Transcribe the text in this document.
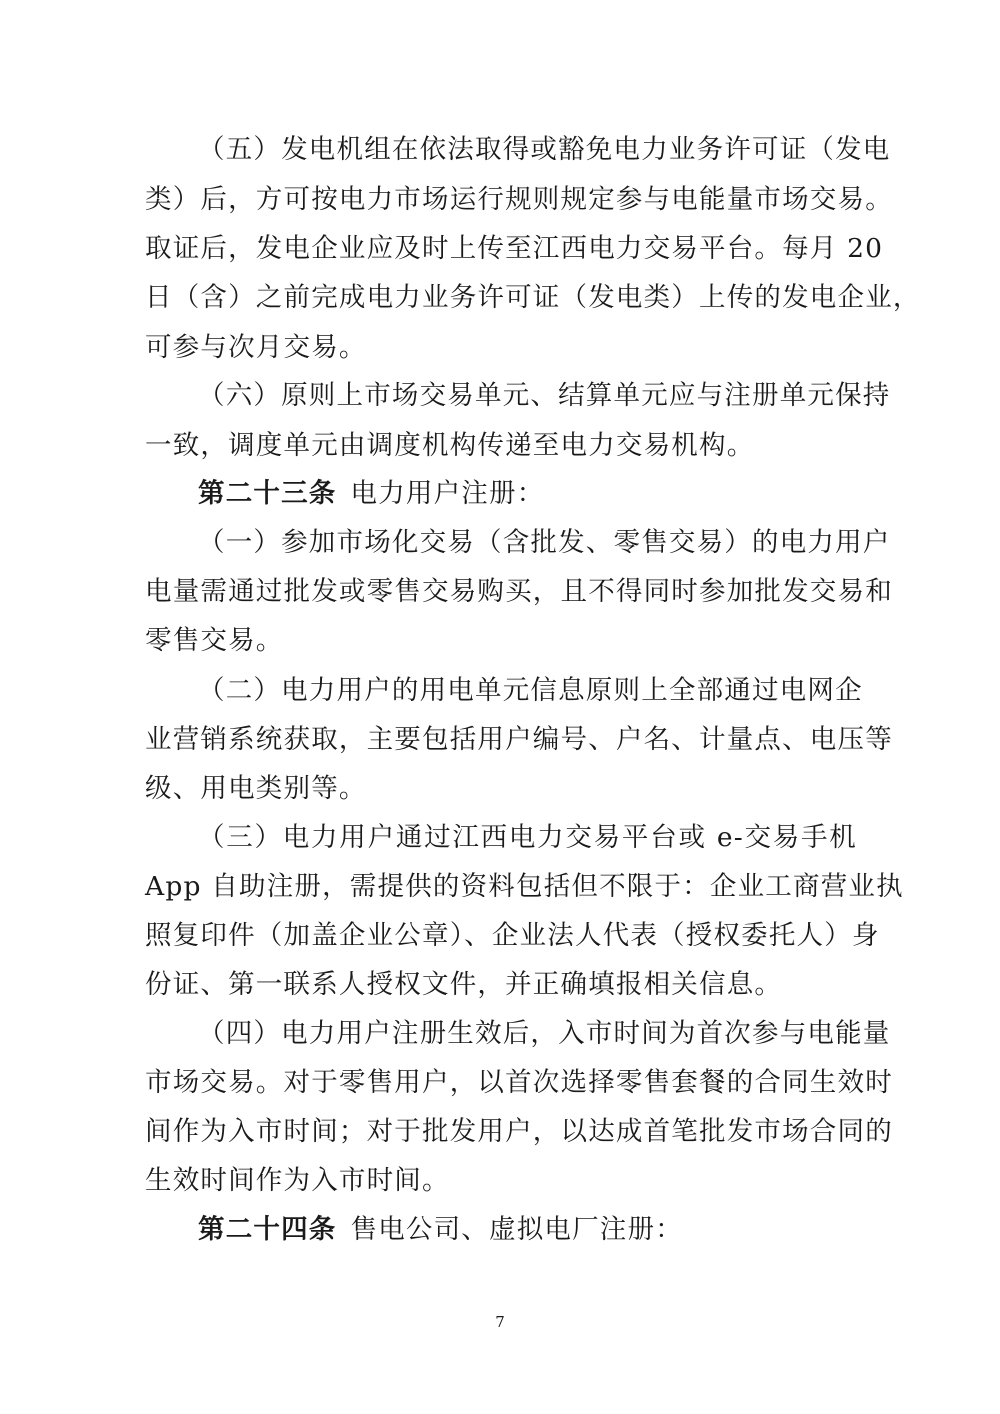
（五）发电机组在依法取得或豁免电力业务许可证（发电
类）后，方可按电力市场运行规则规定参与电能量市场交易。
取证后，发电企业应及时上传至江西电力交易平台。每月 20
日（含）之前完成电力业务许可证（发电类）上传的发电企业，
可参与次月交易。
（六）原则上市场交易单元、结算单元应与注册单元保持
一致，调度单元由调度机构传递至电力交易机构。
第二十三条 电力用户注册：
（一）参加市场化交易（含批发、零售交易）的电力用户
电量需通过批发或零售交易购买，且不得同时参加批发交易和
零售交易。
（二）电力用户的用电单元信息原则上全部通过电网企
业营销系统获取，主要包括用户编号、户名、计量点、电压等
级、用电类别等。
（三）电力用户通过江西电力交易平台或 e-交易手机
App 自助注册，需提供的资料包括但不限于：企业工商营业执
照复印件（加盖企业公章）、企业法人代表（授权委托人）身
份证、第一联系人授权文件，并正确填报相关信息。
（四）电力用户注册生效后，入市时间为首次参与电能量
市场交易。对于零售用户，以首次选择零售套餐的合同生效时
间作为入市时间；对于批发用户，以达成首笔批发市场合同的
生效时间作为入市时间。
第二十四条 售电公司、虚拟电厂注册：
7
